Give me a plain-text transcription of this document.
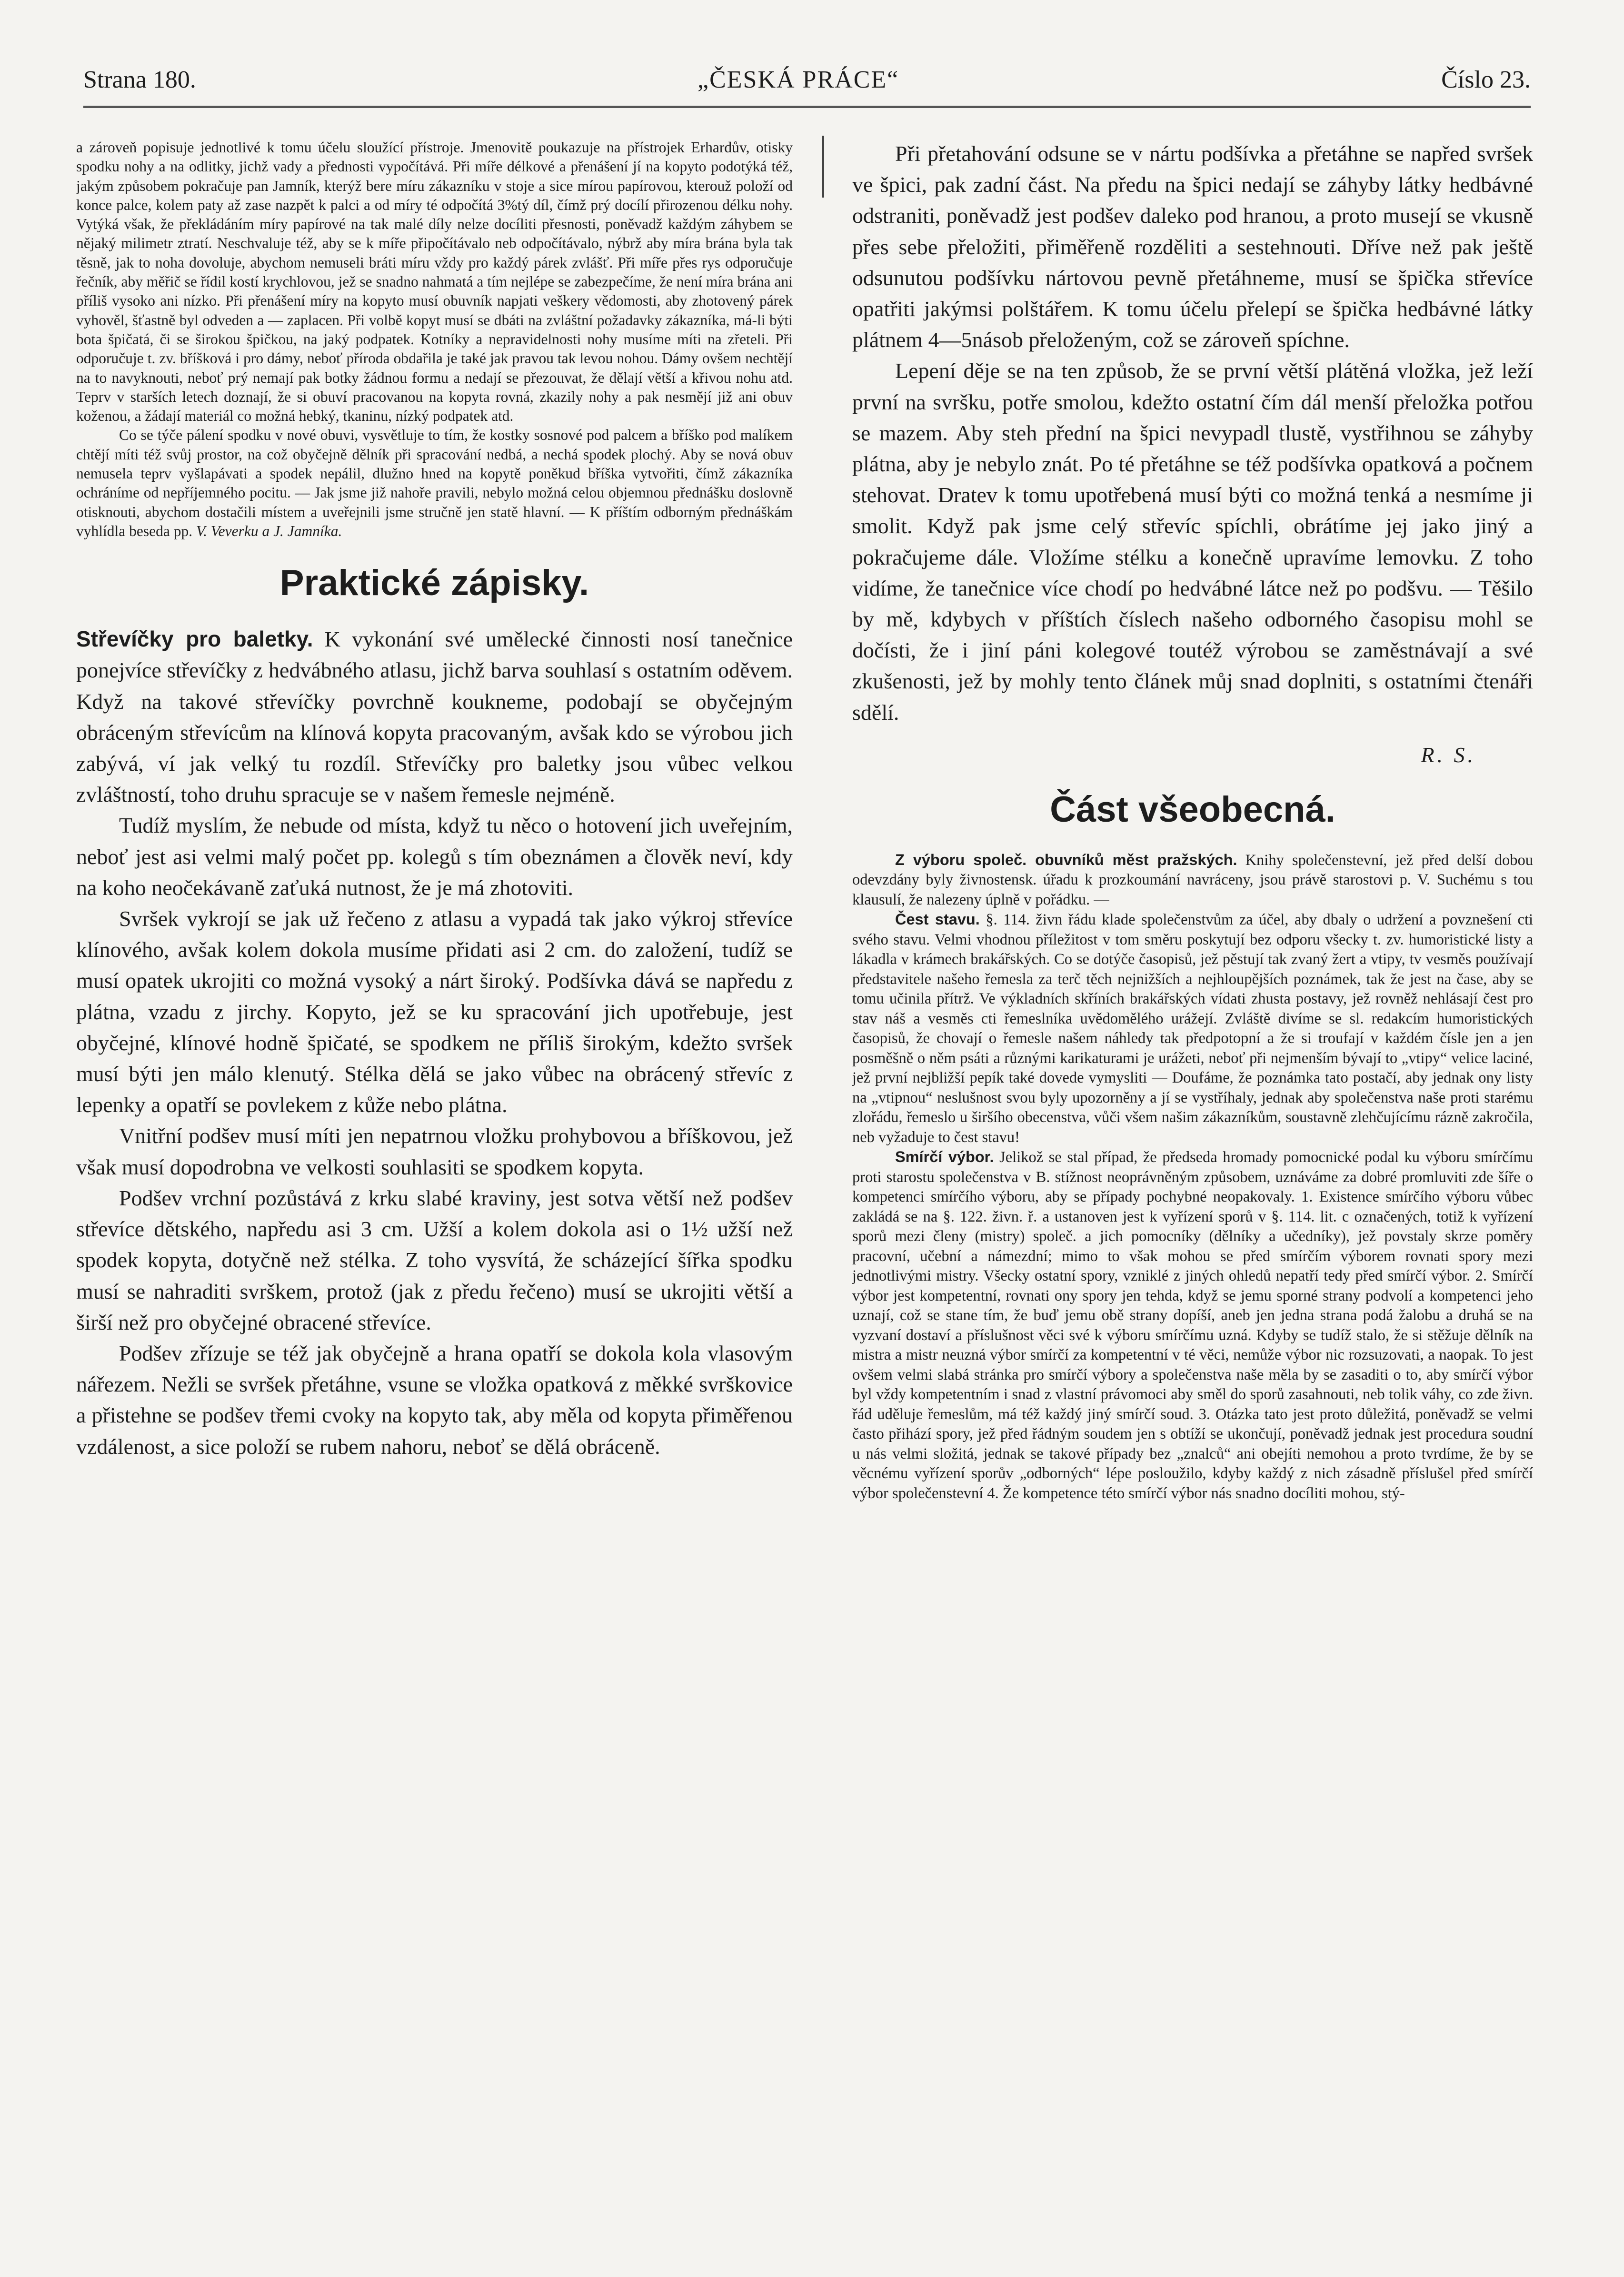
Strana 180.	„ČESKÁ PRÁCE“	Číslo 23.

a zároveň popisuje jednotlivé k tomu účelu sloužící přístroje. Jmenovitě poukazuje na přístrojek Erhardův, otisky spodku nohy a na odlitky, jichž vady a přednosti vypočítává. Při míře délkové a přenášení jí na kopyto podotýká též, jakým způsobem pokračuje pan Jamník, kterýž bere míru zákazníku v stoje a sice mírou papírovou, kterouž položí od konce palce, kolem paty až zase nazpět k palci a od míry té odpočítá 3%tý díl, čímž prý docílí přirozenou délku nohy. Vytýká však, že překládáním míry papírové na tak malé díly nelze docíliti přesnosti, poněvadž každým záhybem se nějaký milimetr ztratí. Neschvaluje též, aby se k míře připočítávalo neb odpočítávalo, nýbrž aby míra brána byla tak těsně, jak to noha dovoluje, abychom nemuseli bráti míru vždy pro každý párek zvlášť. Při míře přes rys odporučuje řečník, aby měřič se řídil kostí krychlovou, jež se snadno nahmatá a tím nejlépe se zabezpečíme, že není míra brána ani příliš vysoko ani nízko. Při přenášení míry na kopyto musí obuvník napjati veškery vědomosti, aby zhotovený párek vyhověl, šťastně byl odveden a — zaplacen. Při volbě kopyt musí se dbáti na zvláštní požadavky zákazníka, má-li býti bota špičatá, či se širokou špičkou, na jaký podpatek. Kotníky a nepravidelnosti nohy musíme míti na zřeteli. Při odporučuje t. zv. bříšková i pro dámy, neboť příroda obdařila je také jak pravou tak levou nohou. Dámy ovšem nechtějí na to navyknouti, neboť prý nemají pak botky žádnou formu a nedají se přezouvat, že dělají větší a křivou nohu atd. Teprv v starších letech doznají, že si obuví pracovanou na kopyta rovná, zkazily nohy a pak nesmějí již ani obuv koženou, a žádají materiál co možná hebký, tkaninu, nízký podpatek atd.

Co se týče pálení spodku v nové obuvi, vysvětluje to tím, že kostky sosnové pod palcem a bříško pod malíkem chtějí míti též svůj prostor, na což obyčejně dělník při spracování nedbá, a nechá spodek plochý. Aby se nová obuv nemusela teprv vyšlapávati a spodek nepálil, dlužno hned na kopytě poněkud bříška vytvořiti, čímž zákazníka ochráníme od nepříjemného pocitu. — Jak jsme již nahoře pravili, nebylo možná celou objemnou přednášku doslovně otisknouti, abychom dostačili místem a uveřejnili jsme stručně jen statě hlavní. — K příštím odborným přednáškám vyhlídla beseda pp. V. Veverku a J. Jamníka.

Praktické zápisky.

Střevíčky pro baletky. K vykonání své umělecké činnosti nosí tanečnice ponejvíce střevíčky z hedvábného atlasu, jichž barva souhlasí s ostatním oděvem. Když na takové střevíčky povrchně koukneme, podobají se obyčejným obráceným střevícům na klínová kopyta pracovaným, avšak kdo se výrobou jich zabývá, ví jak velký tu rozdíl. Střevíčky pro baletky jsou vůbec velkou zvláštností, toho druhu spracuje se v našem řemesle nejméně.

Tudíž myslím, že nebude od místa, když tu něco o hotovení jich uveřejním, neboť jest asi velmi malý počet pp. kolegů s tím obeznámen a člověk neví, kdy na koho neočekávaně zaťuká nutnost, že je má zhotoviti.

Svršek vykrojí se jak už řečeno z atlasu a vypadá tak jako výkroj střevíce klínového, avšak kolem dokola musíme přidati asi 2 cm. do založení, tudíž se musí opatek ukrojiti co možná vysoký a nárt široký. Podšívka dává se napředu z plátna, vzadu z jirchy. Kopyto, jež se ku spracování jich upotřebuje, jest obyčejné, klínové hodně špičaté, se spodkem ne příliš širokým, kdežto svršek musí býti jen málo klenutý. Stélka dělá se jako vůbec na obrácený střevíc z lepenky a opatří se povlekem z kůže nebo plátna.

Vnitřní podšev musí míti jen nepatrnou vložku prohybovou a bříškovou, jež však musí dopodrobna ve velkosti souhlasiti se spodkem kopyta.

Podšev vrchní pozůstává z krku slabé kraviny, jest sotva větší než podšev střevíce dětského, napředu asi 3 cm. Užší a kolem dokola asi o 1½ užší než spodek kopyta, dotyčně než stélka. Z toho vysvítá, že scházející šířka spodku musí se nahraditi svrškem, protož (jak z předu řečeno) musí se ukrojiti větší a širší než pro obyčejné obracené střevíce.

Podšev zřízuje se též jak obyčejně a hrana opatří se dokola kola vlasovým nářezem. Nežli se svršek přetáhne, vsune se vložka opatková z měkké svrškovice a přistehne se podšev třemi cvoky na kopyto tak, aby měla od kopyta přiměřenou vzdálenost, a sice položí se rubem nahoru, neboť se dělá obráceně.

Při přetahování odsune se v nártu podšívka a přetáhne se napřed svršek ve špici, pak zadní část. Na předu na špici nedají se záhyby látky hedbávné odstraniti, poněvadž jest podšev daleko pod hranou, a proto musejí se vkusně přes sebe přeložiti, přiměřeně rozděliti a sestehnouti. Dříve než pak ještě odsunutou podšívku nártovou pevně přetáhneme, musí se špička střevíce opatřiti jakýmsi polštářem. K tomu účelu přelepí se špička hedbávné látky plátnem 4—5násob přeloženým, což se zároveň spíchne.

Lepení děje se na ten způsob, že se první větší plátěná vložka, jež leží první na svršku, potře smolou, kdežto ostatní čím dál menší přeložka potřou se mazem. Aby steh přední na špici nevypadl tlustě, vystřihnou se záhyby plátna, aby je nebylo znát. Po té přetáhne se též podšívka opatková a počnem stehovat. Dratev k tomu upotřebená musí býti co možná tenká a nesmíme ji smolit. Když pak jsme celý střevíc spíchli, obrátíme jej jako jiný a pokračujeme dále. Vložíme stélku a konečně upravíme lemovku. Z toho vidíme, že tanečnice více chodí po hedvábné látce než po podšvu. — Těšilo by mě, kdybych v příštích číslech našeho odborného časopisu mohl se dočísti, že i jiní páni kolegové toutéž výrobou se zaměstnávají a své zkušenosti, jež by mohly tento článek můj snad doplniti, s ostatními čtenáři sdělí.

R. S.
Část všeobecná.

Z výboru společ. obuvníků měst pražských. Knihy společenstevní, jež před delší dobou odevzdány byly živnostensk. úřadu k prozkoumání navráceny, jsou právě starostovi p. V. Suchému s tou klausulí, že nalezeny úplně v pořádku. —

Čest stavu. §. 114. živn řádu klade společenstvům za účel, aby dbaly o udržení a povznešení cti svého stavu. Velmi vhodnou příležitost v tom směru poskytují bez odporu všecky t. zv. humoristické listy a lákadla v krámech brakářských. Co se dotýče časopisů, jež pěstují tak zvaný žert a vtipy, tv vesměs používají představitele našeho řemesla za terč těch nejnižších a nejhloupějších poznámek, tak že jest na čase, aby se tomu učinila přítrž. Ve výkladních skříních brakářských vídati zhusta postavy, jež rovněž nehlásají čest pro stav náš a vesměs cti řemeslníka uvědomělého urážejí. Zvláště divíme se sl. redakcím humoristických časopisů, že chovají o řemesle našem náhledy tak předpotopní a že si troufají v každém čísle jen a jen posměšně o něm psáti a různými karikaturami je urážeti, neboť při nejmenším bývají to „vtipy“ velice laciné, jež první nejbližší pepík také dovede vymysliti — Doufáme, že poznámka tato postačí, aby jednak ony listy na „vtipnou“ neslušnost svou byly upozorněny a jí se vystříhaly, jednak aby společenstva naše proti starému zlořádu, řemeslo u širšího obecenstva, vůči všem našim zákazníkům, soustavně zlehčujícímu rázně zakročila, neb vyžaduje to čest stavu!

Smírčí výbor. Jelikož se stal případ, že předseda hromady pomocnické podal ku výboru smírčímu proti starostu společenstva v B. stížnost neoprávněným způsobem, uznáváme za dobré promluviti zde šíře o kompetenci smírčího výboru, aby se případy pochybné neopakovaly. 1. Existence smírčího výboru vůbec zakládá se na §. 122. živn. ř. a ustanoven jest k vyřízení sporů v §. 114. lit. c označených, totiž k vyřízení sporů mezi členy (mistry) společ. a jich pomocníky (dělníky a učedníky), jež povstaly skrze poměry pracovní, učební a námezdní; mimo to však mohou se před smírčím výborem rovnati spory mezi jednotlivými mistry. Všecky ostatní spory, vzniklé z jiných ohledů nepatří tedy před smírčí výbor. 2. Smírčí výbor jest kompetentní, rovnati ony spory jen tehda, když se jemu sporné strany podvolí a kompetenci jeho uznají, což se stane tím, že buď jemu obě strany dopíší, aneb jen jedna strana podá žalobu a druhá se na vyzvaní dostaví a příslušnost věci své k výboru smírčímu uzná. Kdyby se tudíž stalo, že si stěžuje dělník na mistra a mistr neuzná výbor smírčí za kompetentní v té věci, nemůže výbor nic rozsuzovati, a naopak. To jest ovšem velmi slabá stránka pro smírčí výbory a společenstva naše měla by se zasaditi o to, aby smírčí výbor byl vždy kompetentním i snad z vlastní právomoci aby směl do sporů zasahnouti, neb tolik váhy, co zde živn. řád uděluje řemeslům, má též každý jiný smírčí soud. 3. Otázka tato jest proto důležitá, poněvadž se velmi často přihází spory, jež před řádným soudem jen s obtíží se ukončují, poněvadž jednak jest procedura soudní u nás velmi složitá, jednak se takové případy bez „znalců“ ani obejíti nemohou a proto tvrdíme, že by se věcnému vyřízení sporův „odborných“ lépe posloužilo, kdyby každý z nich zásadně příslušel před smírčí výbor společenstevní 4. Že kompetence této smírčí výbor nás snadno docíliti mohou, stý-
